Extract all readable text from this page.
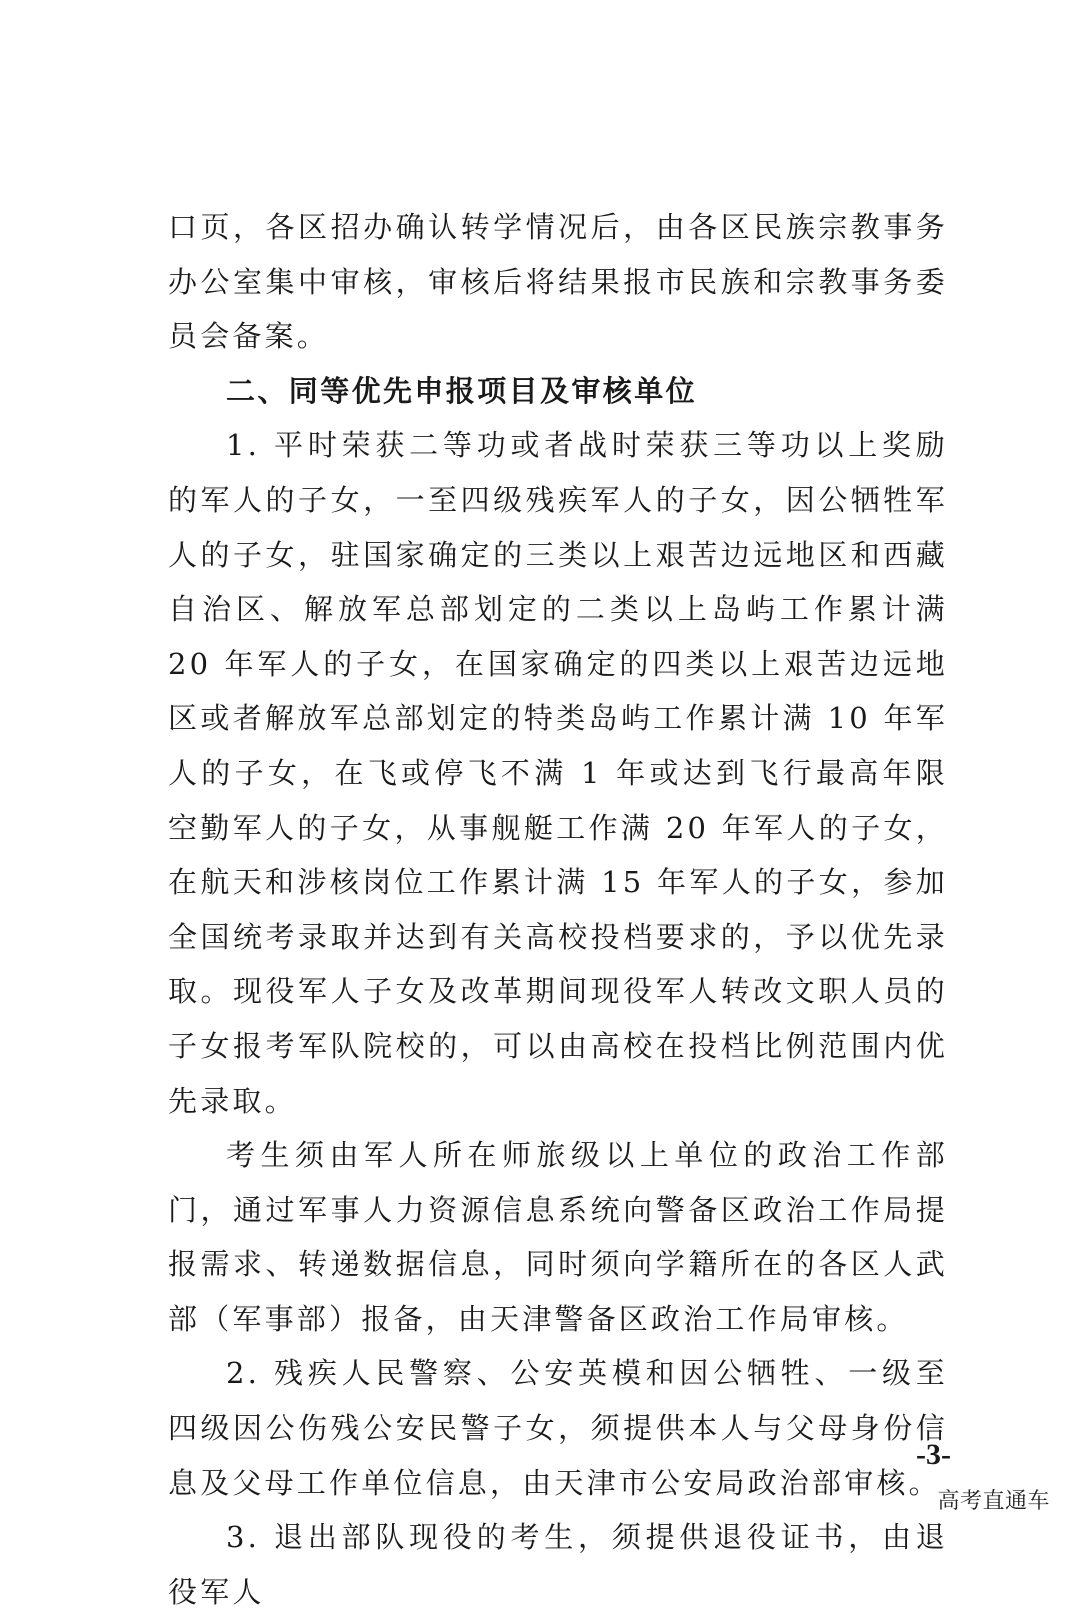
口页，各区招办确认转学情况后，由各区民族宗教事务办公室集中审核，审核后将结果报市民族和宗教事务委员会备案。

二、同等优先申报项目及审核单位

1. 平时荣获二等功或者战时荣获三等功以上奖励的军人的子女，一至四级残疾军人的子女，因公牺牲军人的子女，驻国家确定的三类以上艰苦边远地区和西藏自治区、解放军总部划定的二类以上岛屿工作累计满 20 年军人的子女，在国家确定的四类以上艰苦边远地区或者解放军总部划定的特类岛屿工作累计满 10 年军人的子女，在飞或停飞不满 1 年或达到飞行最高年限空勤军人的子女，从事舰艇工作满 20 年军人的子女，在航天和涉核岗位工作累计满 15 年军人的子女，参加全国统考录取并达到有关高校投档要求的，予以优先录取。现役军人子女及改革期间现役军人转改文职人员的子女报考军队院校的，可以由高校在投档比例范围内优先录取。

考生须由军人所在师旅级以上单位的政治工作部门，通过军事人力资源信息系统向警备区政治工作局提报需求、转递数据信息，同时须向学籍所在的各区人武部（军事部）报备，由天津警备区政治工作局审核。

2. 残疾人民警察、公安英模和因公牺牲、一级至四级因公伤残公安民警子女，须提供本人与父母身份信息及父母工作单位信息，由天津市公安局政治部审核。

3. 退出部队现役的考生，须提供退役证书，由退役军人

-3-
高考直通车
